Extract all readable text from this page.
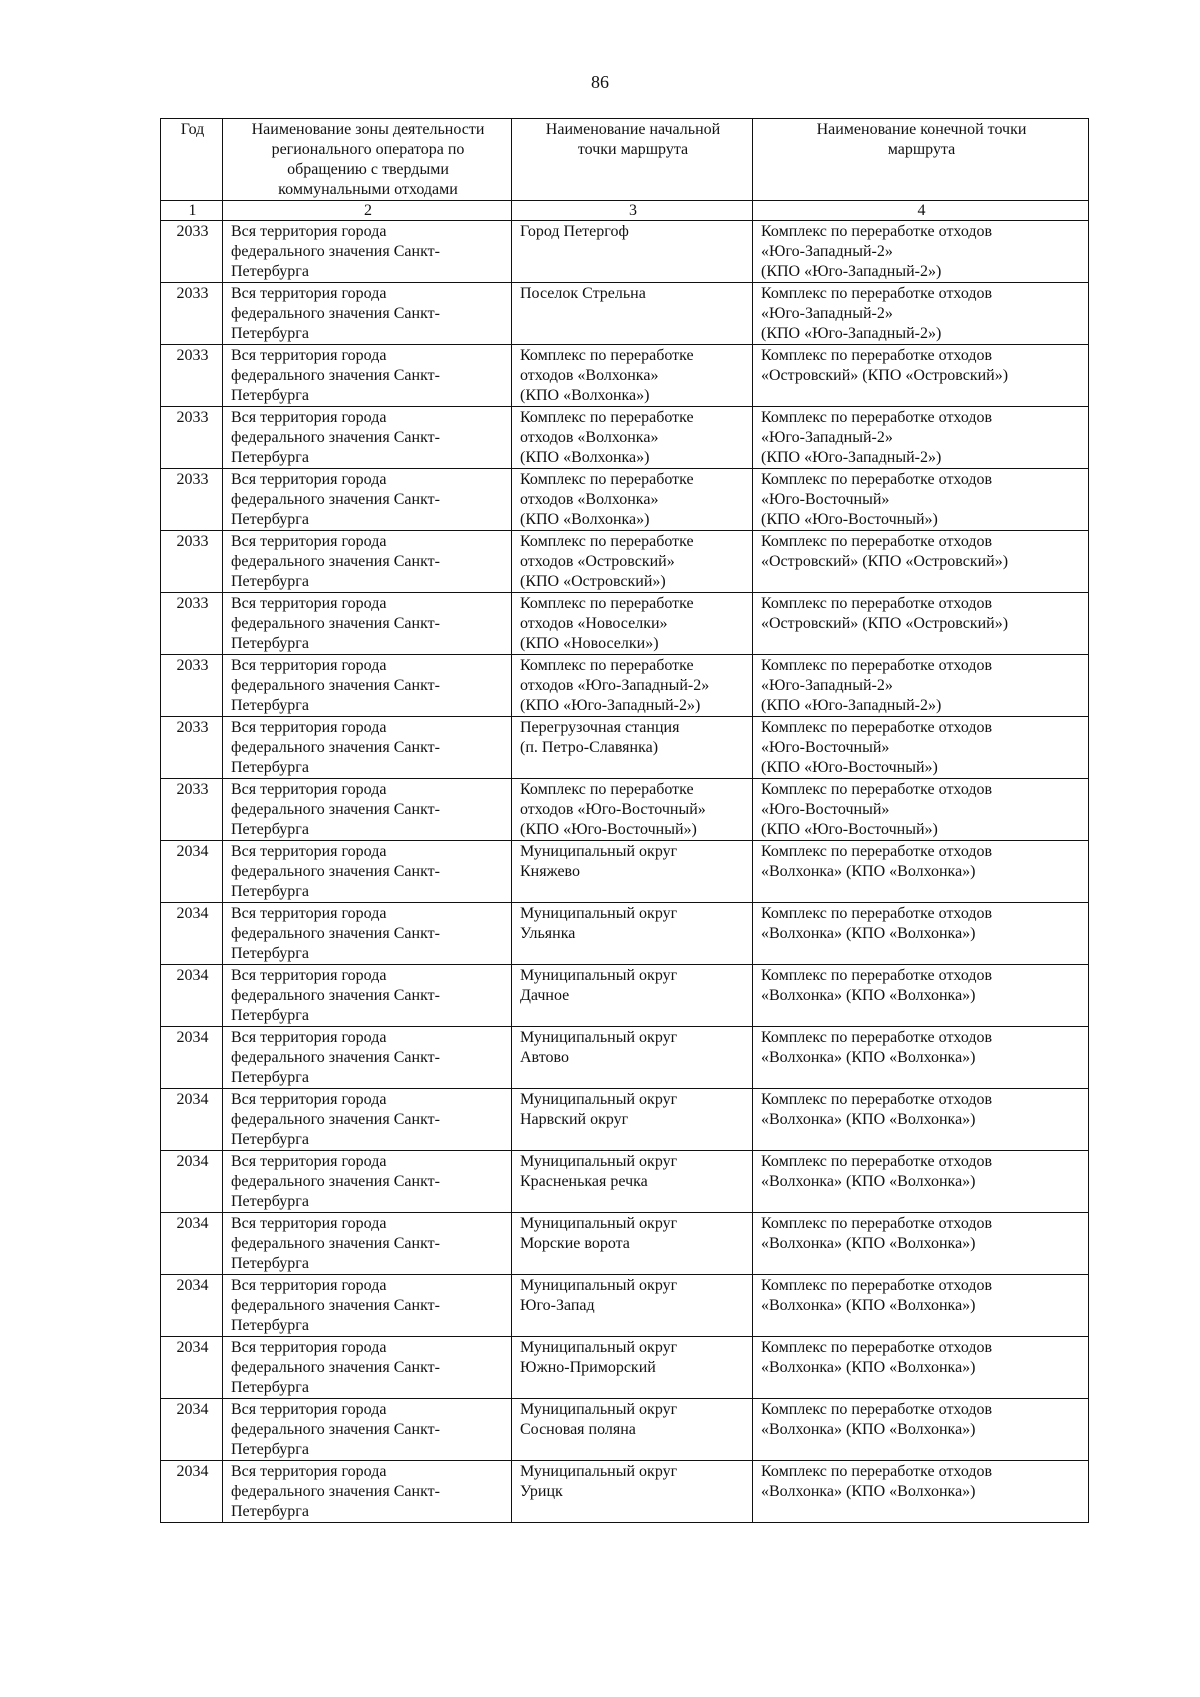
86
Год	Наименование зоны деятельности
регионального оператора по
обращению с твердыми
коммунальными отходами	Наименование начальной
точки маршрута	Наименование конечной точки
маршрута

1	2	3	4

2033	Вся территория города
федерального значения Санкт-
Петербурга	Город Петергоф	Комплекс по переработке отходов
«Юго-Западный-2»
(КПО «Юго-Западный-2»)

2033	Вся территория города
федерального значения Санкт-
Петербурга	Поселок Стрельна	Комплекс по переработке отходов
«Юго-Западный-2»
(КПО «Юго-Западный-2»)

2033	Вся территория города
федерального значения Санкт-
Петербурга	Комплекс по переработке
отходов «Волхонка»
(КПО «Волхонка»)	Комплекс по переработке отходов
«Островский» (КПО «Островский»)

2033	Вся территория города
федерального значения Санкт-
Петербурга	Комплекс по переработке
отходов «Волхонка»
(КПО «Волхонка»)	Комплекс по переработке отходов
«Юго-Западный-2»
(КПО «Юго-Западный-2»)

2033	Вся территория города
федерального значения Санкт-
Петербурга	Комплекс по переработке
отходов «Волхонка»
(КПО «Волхонка»)	Комплекс по переработке отходов
«Юго-Восточный»
(КПО «Юго-Восточный»)

2033	Вся территория города
федерального значения Санкт-
Петербурга	Комплекс по переработке
отходов «Островский»
(КПО «Островский»)	Комплекс по переработке отходов
«Островский» (КПО «Островский»)

2033	Вся территория города
федерального значения Санкт-
Петербурга	Комплекс по переработке
отходов «Новоселки»
(КПО «Новоселки»)	Комплекс по переработке отходов
«Островский» (КПО «Островский»)

2033	Вся территория города
федерального значения Санкт-
Петербурга	Комплекс по переработке
отходов «Юго-Западный-2»
(КПО «Юго-Западный-2»)	Комплекс по переработке отходов
«Юго-Западный-2»
(КПО «Юго-Западный-2»)

2033	Вся территория города
федерального значения Санкт-
Петербурга	Перегрузочная станция
(п. Петро-Славянка)	Комплекс по переработке отходов
«Юго-Восточный»
(КПО «Юго-Восточный»)

2033	Вся территория города
федерального значения Санкт-
Петербурга	Комплекс по переработке
отходов «Юго-Восточный»
(КПО «Юго-Восточный»)	Комплекс по переработке отходов
«Юго-Восточный»
(КПО «Юго-Восточный»)

2034	Вся территория города
федерального значения Санкт-
Петербурга	Муниципальный округ
Княжево	Комплекс по переработке отходов
«Волхонка» (КПО «Волхонка»)

2034	Вся территория города
федерального значения Санкт-
Петербурга	Муниципальный округ
Ульянка	Комплекс по переработке отходов
«Волхонка» (КПО «Волхонка»)

2034	Вся территория города
федерального значения Санкт-
Петербурга	Муниципальный округ
Дачное	Комплекс по переработке отходов
«Волхонка» (КПО «Волхонка»)

2034	Вся территория города
федерального значения Санкт-
Петербурга	Муниципальный округ
Автово	Комплекс по переработке отходов
«Волхонка» (КПО «Волхонка»)

2034	Вся территория города
федерального значения Санкт-
Петербурга	Муниципальный округ
Нарвский округ	Комплекс по переработке отходов
«Волхонка» (КПО «Волхонка»)

2034	Вся территория города
федерального значения Санкт-
Петербурга	Муниципальный округ
Красненькая речка	Комплекс по переработке отходов
«Волхонка» (КПО «Волхонка»)

2034	Вся территория города
федерального значения Санкт-
Петербурга	Муниципальный округ
Морские ворота	Комплекс по переработке отходов
«Волхонка» (КПО «Волхонка»)

2034	Вся территория города
федерального значения Санкт-
Петербурга	Муниципальный округ
Юго-Запад	Комплекс по переработке отходов
«Волхонка» (КПО «Волхонка»)

2034	Вся территория города
федерального значения Санкт-
Петербурга	Муниципальный округ
Южно-Приморский	Комплекс по переработке отходов
«Волхонка» (КПО «Волхонка»)

2034	Вся территория города
федерального значения Санкт-
Петербурга	Муниципальный округ
Сосновая поляна	Комплекс по переработке отходов
«Волхонка» (КПО «Волхонка»)

2034	Вся территория города
федерального значения Санкт-
Петербурга	Муниципальный округ
Урицк	Комплекс по переработке отходов
«Волхонка» (КПО «Волхонка»)
